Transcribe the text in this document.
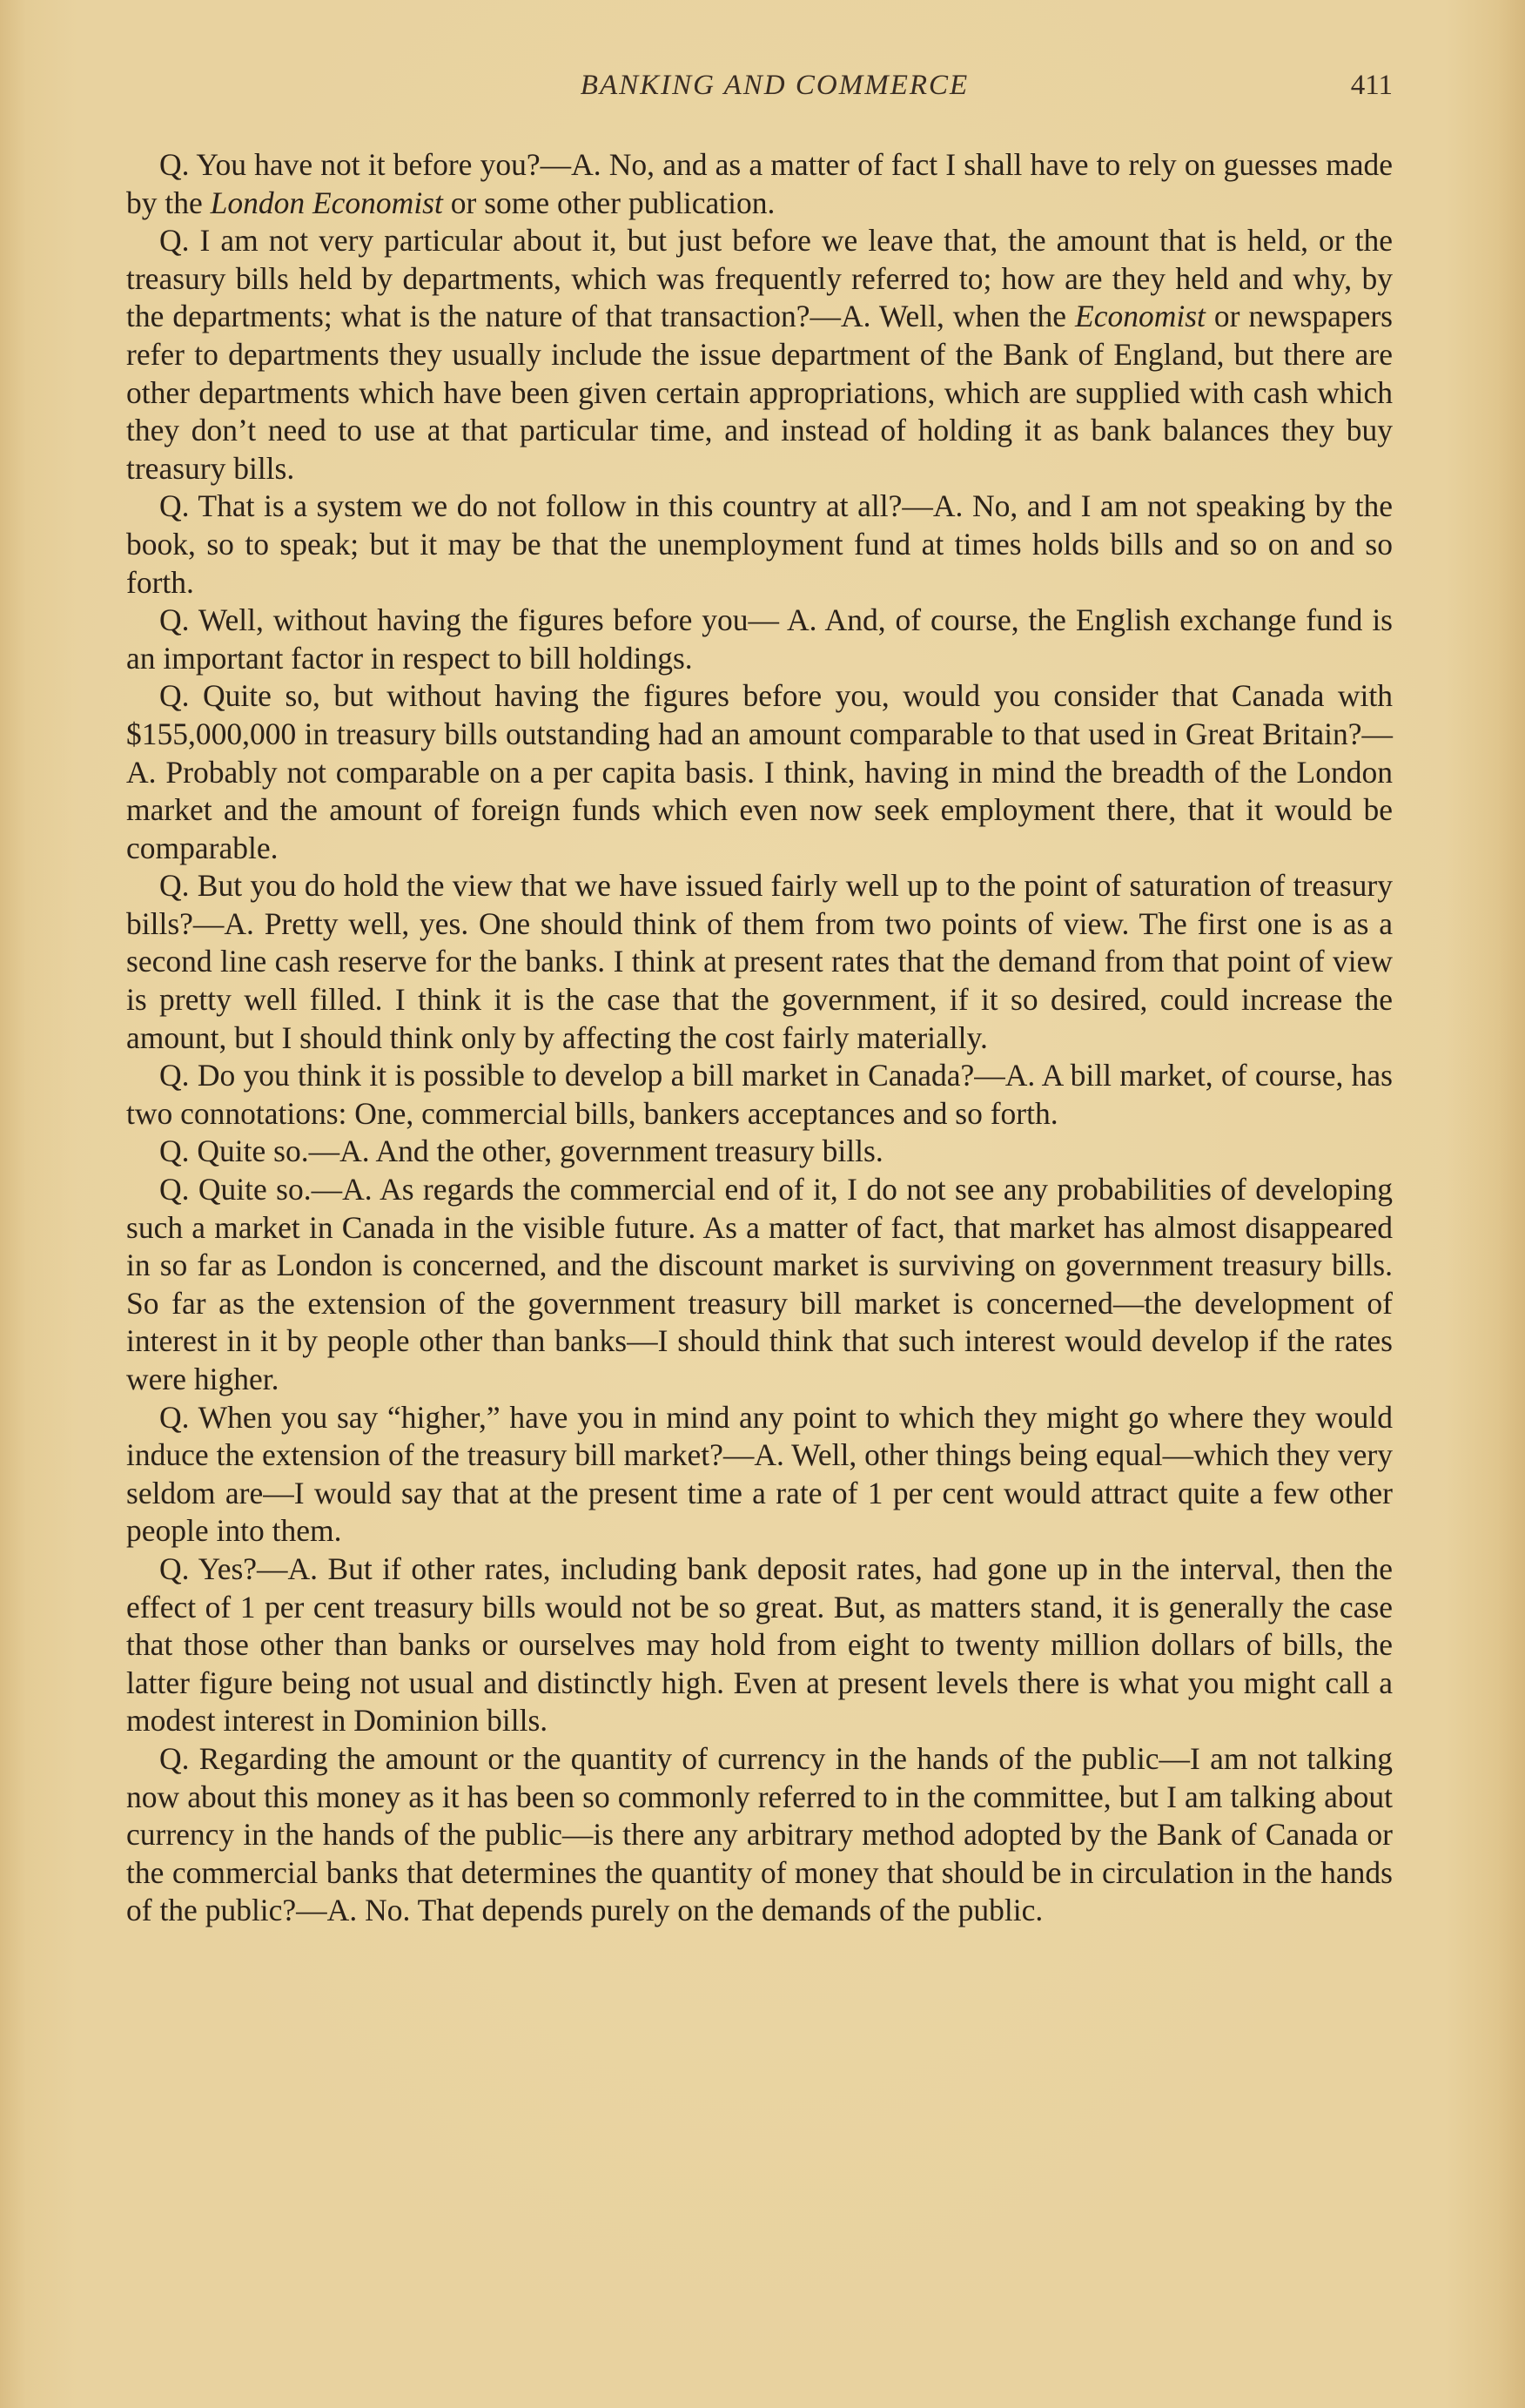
BANKING AND COMMERCE	411

Q. You have not it before you?—A. No, and as a matter of fact I shall have to rely on guesses made by the London Economist or some other publication.

Q. I am not very particular about it, but just before we leave that, the amount that is held, or the treasury bills held by departments, which was frequently referred to; how are they held and why, by the departments; what is the nature of that transaction?—A. Well, when the Economist or newspapers refer to departments they usually include the issue department of the Bank of England, but there are other departments which have been given certain appropriations, which are supplied with cash which they don’t need to use at that particular time, and instead of holding it as bank balances they buy treasury bills.

Q. That is a system we do not follow in this country at all?—A. No, and I am not speaking by the book, so to speak; but it may be that the unemployment fund at times holds bills and so on and so forth.

Q. Well, without having the figures before you— A. And, of course, the English exchange fund is an important factor in respect to bill holdings.

Q. Quite so, but without having the figures before you, would you consider that Canada with $155,000,000 in treasury bills outstanding had an amount comparable to that used in Great Britain?—A. Probably not comparable on a per capita basis. I think, having in mind the breadth of the London market and the amount of foreign funds which even now seek employment there, that it would be comparable.

Q. But you do hold the view that we have issued fairly well up to the point of saturation of treasury bills?—A. Pretty well, yes. One should think of them from two points of view. The first one is as a second line cash reserve for the banks. I think at present rates that the demand from that point of view is pretty well filled. I think it is the case that the government, if it so desired, could increase the amount, but I should think only by affecting the cost fairly materially.

Q. Do you think it is possible to develop a bill market in Canada?—A. A bill market, of course, has two connotations: One, commercial bills, bankers acceptances and so forth.

Q. Quite so.—A. And the other, government treasury bills.

Q. Quite so.—A. As regards the commercial end of it, I do not see any probabilities of developing such a market in Canada in the visible future. As a matter of fact, that market has almost disappeared in so far as London is concerned, and the discount market is surviving on government treasury bills. So far as the extension of the government treasury bill market is concerned—the development of interest in it by people other than banks—I should think that such interest would develop if the rates were higher.

Q. When you say “higher,” have you in mind any point to which they might go where they would induce the extension of the treasury bill market?—A. Well, other things being equal—which they very seldom are—I would say that at the present time a rate of 1 per cent would attract quite a few other people into them.

Q. Yes?—A. But if other rates, including bank deposit rates, had gone up in the interval, then the effect of 1 per cent treasury bills would not be so great. But, as matters stand, it is generally the case that those other than banks or ourselves may hold from eight to twenty million dollars of bills, the latter figure being not usual and distinctly high. Even at present levels there is what you might call a modest interest in Dominion bills.

Q. Regarding the amount or the quantity of currency in the hands of the public—I am not talking now about this money as it has been so commonly referred to in the committee, but I am talking about currency in the hands of the public—is there any arbitrary method adopted by the Bank of Canada or the commercial banks that determines the quantity of money that should be in circulation in the hands of the public?—A. No. That depends purely on the demands of the public.
